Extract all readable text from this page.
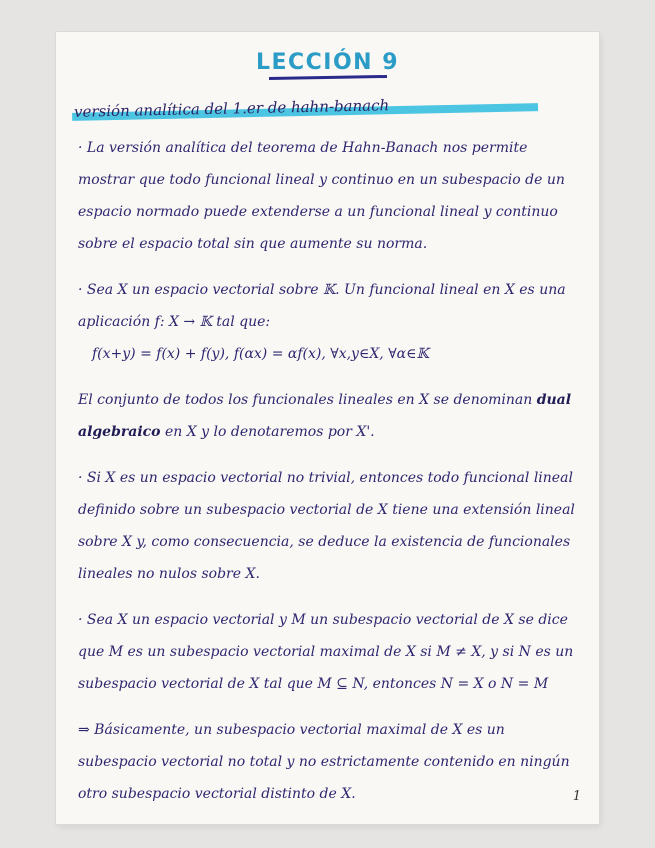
LECCIÓN 9
versión analítica del 1.er de hahn-banach

· La versión analítica del teorema de Hahn-Banach nos permite mostrar que todo funcional lineal y continuo en un subespacio de un espacio normado puede extenderse a un funcional lineal y continuo sobre el espacio total sin que aumente su norma.

· Sea X un espacio vectorial sobre 𝕂. Un funcional lineal en X es una aplicación f: X → 𝕂 tal que:
f(x+y) = f(x) + f(y), f(αx) = αf(x), ∀x,y∈X, ∀α∈𝕂

El conjunto de todos los funcionales lineales en X se denominan dual algebraico en X y lo denotaremos por X'.

· Si X es un espacio vectorial no trivial, entonces todo funcional lineal definido sobre un subespacio vectorial de X tiene una extensión lineal sobre X y, como consecuencia, se deduce la existencia de funcionales lineales no nulos sobre X.

· Sea X un espacio vectorial y M un subespacio vectorial de X se dice que M es un subespacio vectorial maximal de X si M ≠ X, y si N es un subespacio vectorial de X tal que M ⊆ N, entonces N = X o N = M

⇒ Básicamente, un subespacio vectorial maximal de X es un subespacio vectorial no total y no estrictamente contenido en ningún otro subespacio vectorial distinto de X.	1
